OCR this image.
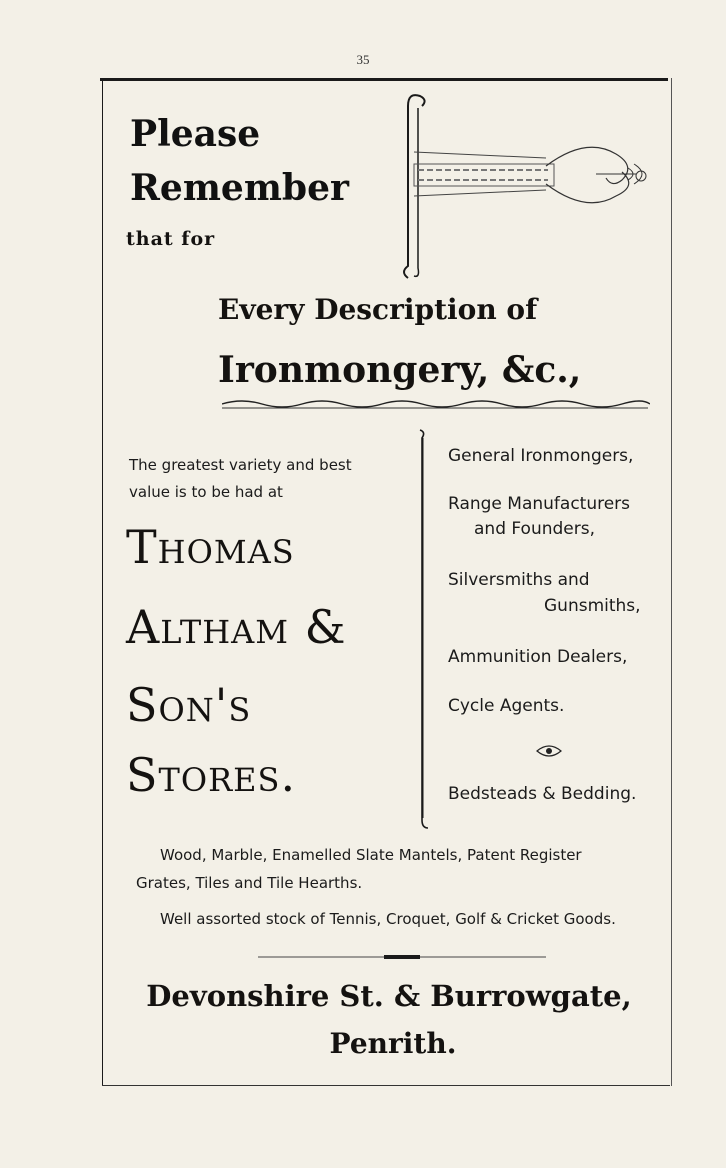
35
Please
Remember
that for
Every Description of
Ironmongery, &c.,
The greatest variety and best
value is to be had at
Thomas
Altham &
Son's
Stores.
General Ironmongers,
Range Manufacturers
and Founders,
Silversmiths and
Gunsmiths,
Ammunition Dealers,
Cycle Agents.
Bedsteads & Bedding.
Wood, Marble, Enamelled Slate Mantels, Patent Register
Grates, Tiles and Tile Hearths.
Well assorted stock of Tennis, Croquet, Golf & Cricket Goods.
Devonshire St. & Burrowgate,
Penrith.
